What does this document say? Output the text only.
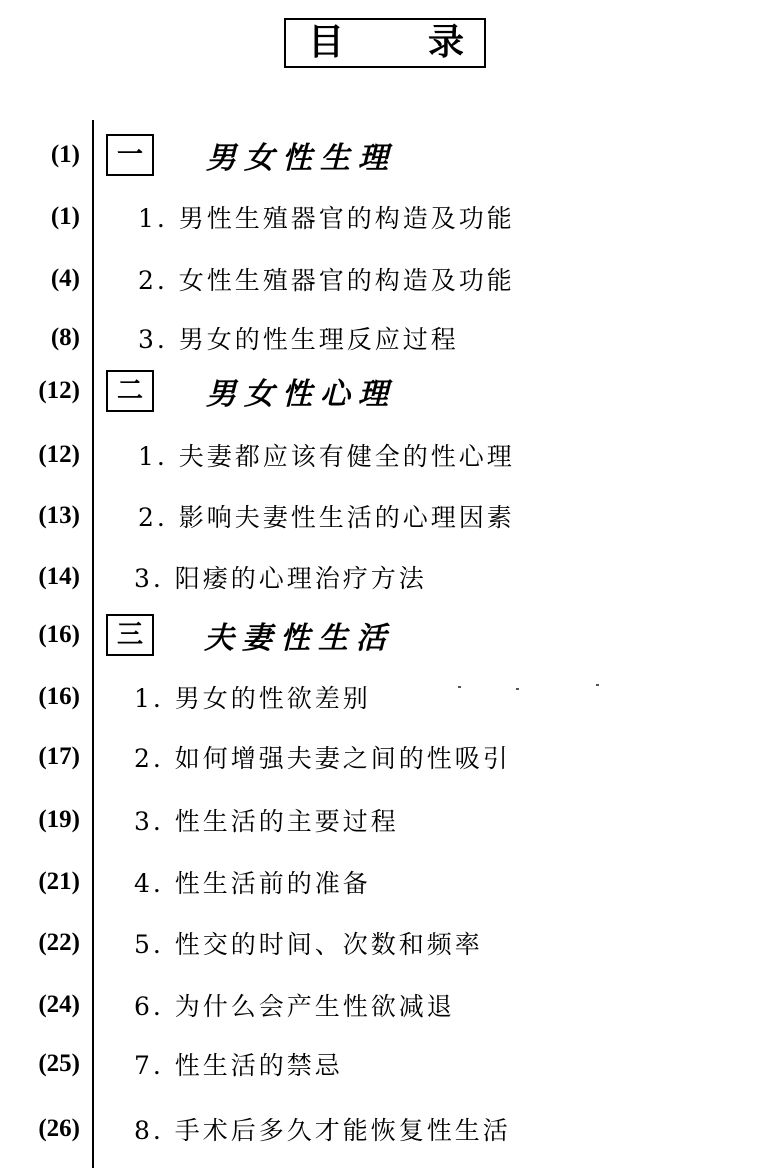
目 录
(1)	一	男女性生理
(1) 1. 男性生殖器官的构造及功能
(4) 2. 女性生殖器官的构造及功能
(8) 3. 男女的性生理反应过程
(12)	二	男女性心理
(12) 1. 夫妻都应该有健全的性心理
(13) 2. 影响夫妻性生活的心理因素
(14) 3. 阳痿的心理治疗方法
(16)	三	夫妻性生活
(16) 1. 男女的性欲差别
(17) 2. 如何增强夫妻之间的性吸引
(19) 3. 性生活的主要过程
(21) 4. 性生活前的准备
(22) 5. 性交的时间、次数和频率
(24) 6. 为什么会产生性欲减退
(25) 7. 性生活的禁忌
(26) 8. 手术后多久才能恢复性生活
